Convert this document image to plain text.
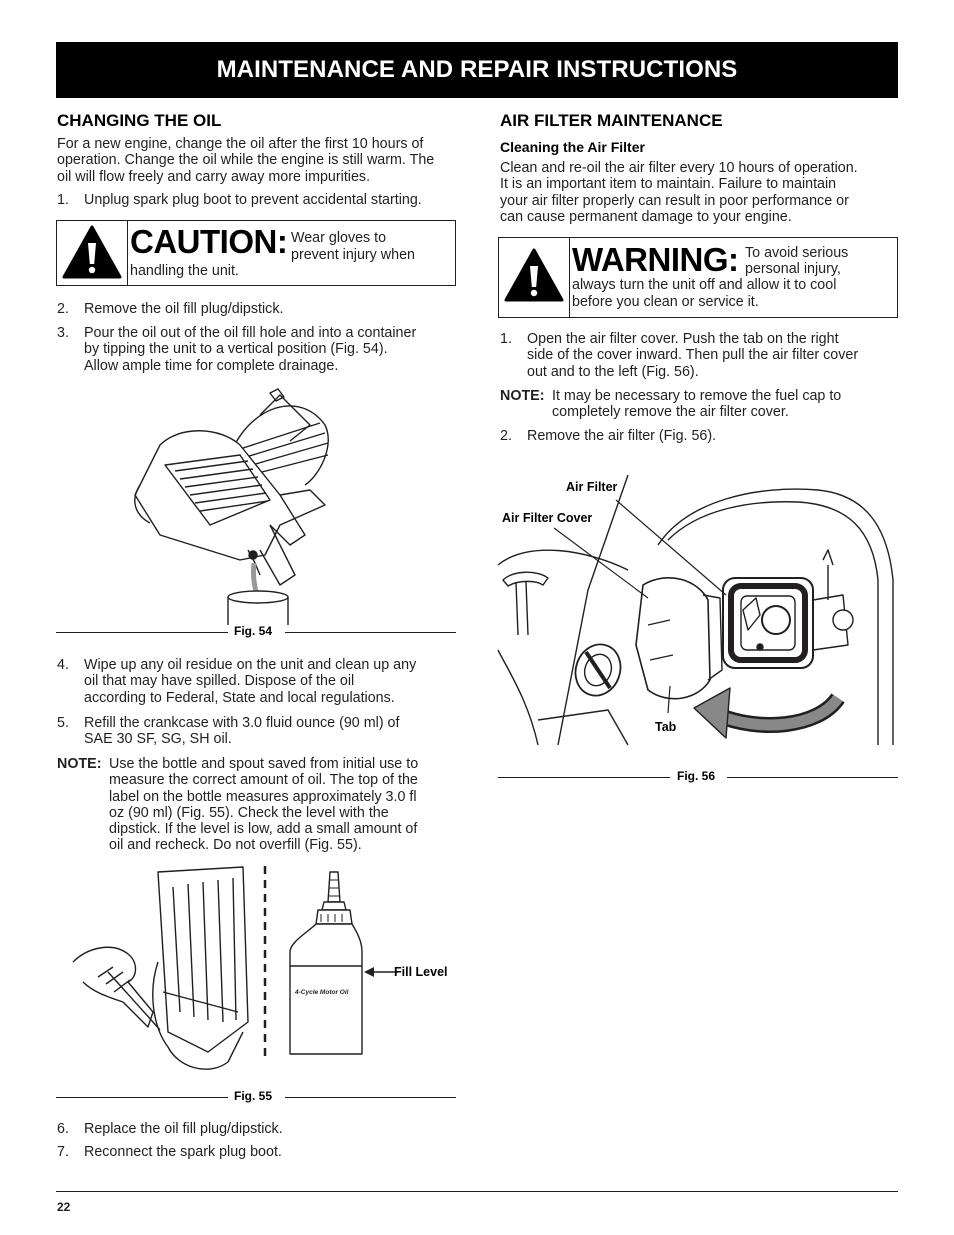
MAINTENANCE AND REPAIR INSTRUCTIONS
CHANGING THE OIL
For a new engine, change the oil after the first 10 hours of
operation. Change the oil while the engine is still warm. The
oil will flow freely and carry away more impurities.
1. Unplug spark plug boot to prevent accidental starting.
CAUTION: Wear gloves to
prevent injury when
handling the unit.
2. Remove the oil fill plug/dipstick.
3. Pour the oil out of the oil fill hole and into a container
by tipping the unit to a vertical position (Fig. 54).
Allow ample time for complete drainage.
Fig. 54
4. Wipe up any oil residue on the unit and clean up any
oil that may have spilled. Dispose of the oil
according to Federal, State and local regulations.
5. Refill the crankcase with 3.0 fluid ounce (90 ml) of
SAE 30 SF, SG, SH oil.
NOTE: Use the bottle and spout saved from initial use to
measure the correct amount of oil. The top of the
label on the bottle measures approximately 3.0 fl
oz (90 ml) (Fig. 55). Check the level with the
dipstick. If the level is low, add a small amount of
oil and recheck. Do not overfill (Fig. 55).
4-Cycle Motor Oil
Fill Level
Fig. 55
6. Replace the oil fill plug/dipstick.
7. Reconnect the spark plug boot.
AIR FILTER MAINTENANCE
Cleaning the Air Filter
Clean and re-oil the air filter every 10 hours of operation.
It is an important item to maintain. Failure to maintain
your air filter properly can result in poor performance or
can cause permanent damage to your engine.
WARNING: To avoid serious
personal injury,
always turn the unit off and allow it to cool
before you clean or service it.
1. Open the air filter cover. Push the tab on the right
side of the cover inward. Then pull the air filter cover
out and to the left (Fig. 56).
NOTE: It may be necessary to remove the fuel cap to
completely remove the air filter cover.
2. Remove the air filter (Fig. 56).
Air Filter
Air Filter Cover
Tab
Fig. 56
22
